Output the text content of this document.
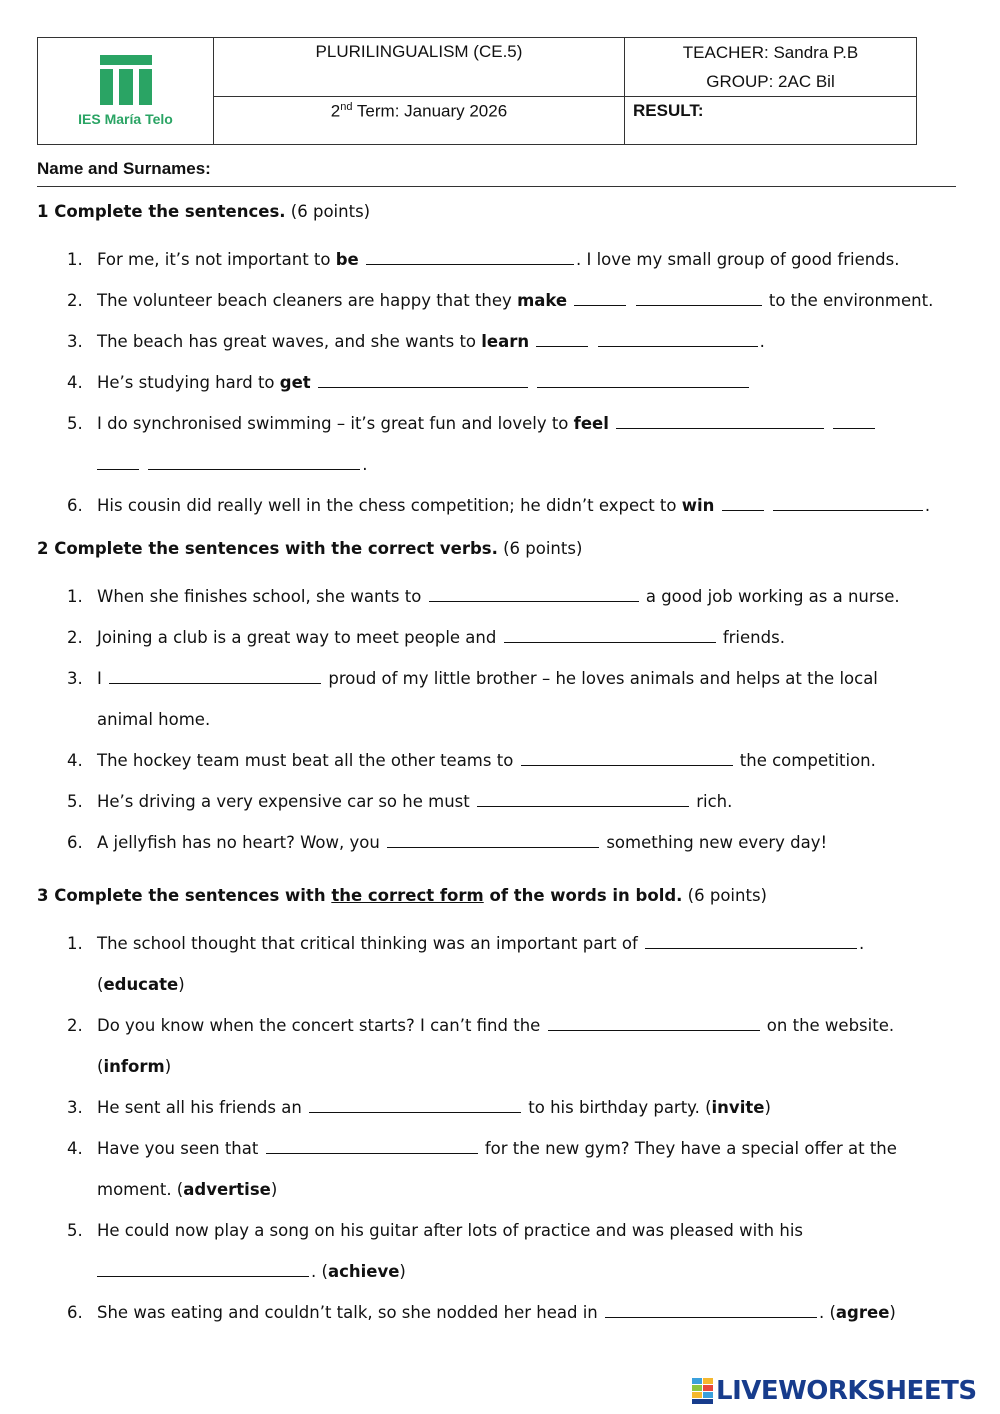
IES María Telo	PLURILINGUALISM (CE.5)	TEACHER: Sandra P.B
GROUP: 2AC Bil

	2nd Term: January 2026	RESULT:
Name and Surnames:
1 Complete the sentences. (6 points)
1. For me, it’s not important to be	. I love my small group of good friends.
2. The volunteer beach cleaners are happy that they make	to the environment.
3. The beach has great waves, and she wants to learn	.
4. He’s studying hard to get
5. I do synchronised swimming – it’s great fun and lovely to feel
.
6. His cousin did really well in the chess competition; he didn’t expect to win	.
2 Complete the sentences with the correct verbs. (6 points)
1. When she finishes school, she wants to	a good job working as a nurse.
2. Joining a club is a great way to meet people and	friends.
3. I	proud of my little brother – he loves animals and helps at the local
animal home.
4. The hockey team must beat all the other teams to	the competition.
5. He’s driving a very expensive car so he must	rich.
6. A jellyfish has no heart? Wow, you	something new every day!
3 Complete the sentences with the correct form of the words in bold. (6 points)
1. The school thought that critical thinking was an important part of	.
(educate)
2. Do you know when the concert starts? I can’t find the	on the website.
(inform)
3. He sent all his friends an	to his birthday party. (invite)
4. Have you seen that	for the new gym? They have a special offer at the
moment. (advertise)
5. He could now play a song on his guitar after lots of practice and was pleased with his
. (achieve)
6. She was eating and couldn’t talk, so she nodded her head in	. (agree)
LIVEWORKSHEETS
